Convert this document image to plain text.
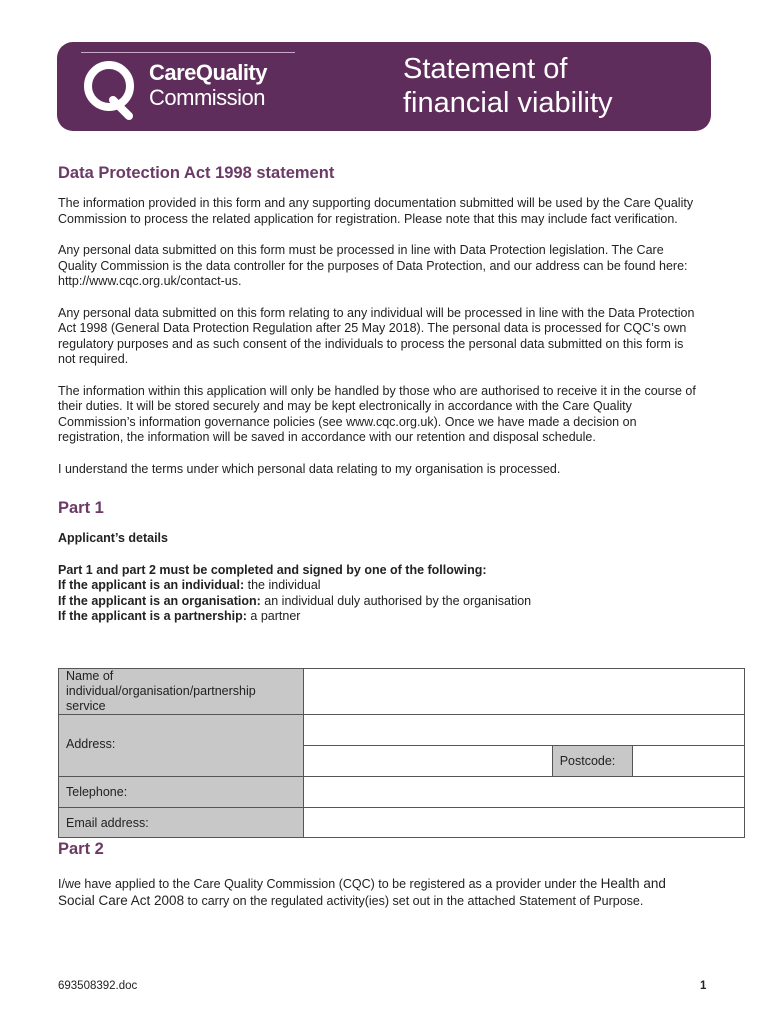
CareQuality
Commission
Statement of
financial viability
Data Protection Act 1998 statement

The information provided in this form and any supporting documentation submitted will be used by the Care Quality Commission to process the related application for registration. Please note that this may include fact verification.

Any personal data submitted on this form must be processed in line with Data Protection legislation. The Care Quality Commission is the data controller for the purposes of Data Protection, and our address can be found here: http://www.cqc.org.uk/contact-us.

Any personal data submitted on this form relating to any individual will be processed in line with the Data Protection Act 1998 (General Data Protection Regulation after 25 May 2018). The personal data is processed for CQC’s own regulatory purposes and as such consent of the individuals to process the personal data submitted on this form is not required.

The information within this application will only be handled by those who are authorised to receive it in the course of their duties. It will be stored securely and may be kept electronically in accordance with the Care Quality Commission’s information governance policies (see www.cqc.org.uk). Once we have made a decision on registration, the information will be saved in accordance with our retention and disposal schedule.

I understand the terms under which personal data relating to my organisation is processed.

Part 1

Applicant’s details

Part 1 and part 2 must be completed and signed by one of the following:

If the applicant is an individual: the individual

If the applicant is an organisation: an individual duly authorised by the organisation

If the applicant is a partnership: a partner

Name of individual/organisation/partnership service			
Address:			
		Postcode:	
Telephone:			
Email address:			
Part 2

I/we have applied to the Care Quality Commission (CQC) to be registered as a provider under the Health and Social Care Act 2008 to carry on the regulated activity(ies) set out in the attached Statement of Purpose.

693508392.doc	1
